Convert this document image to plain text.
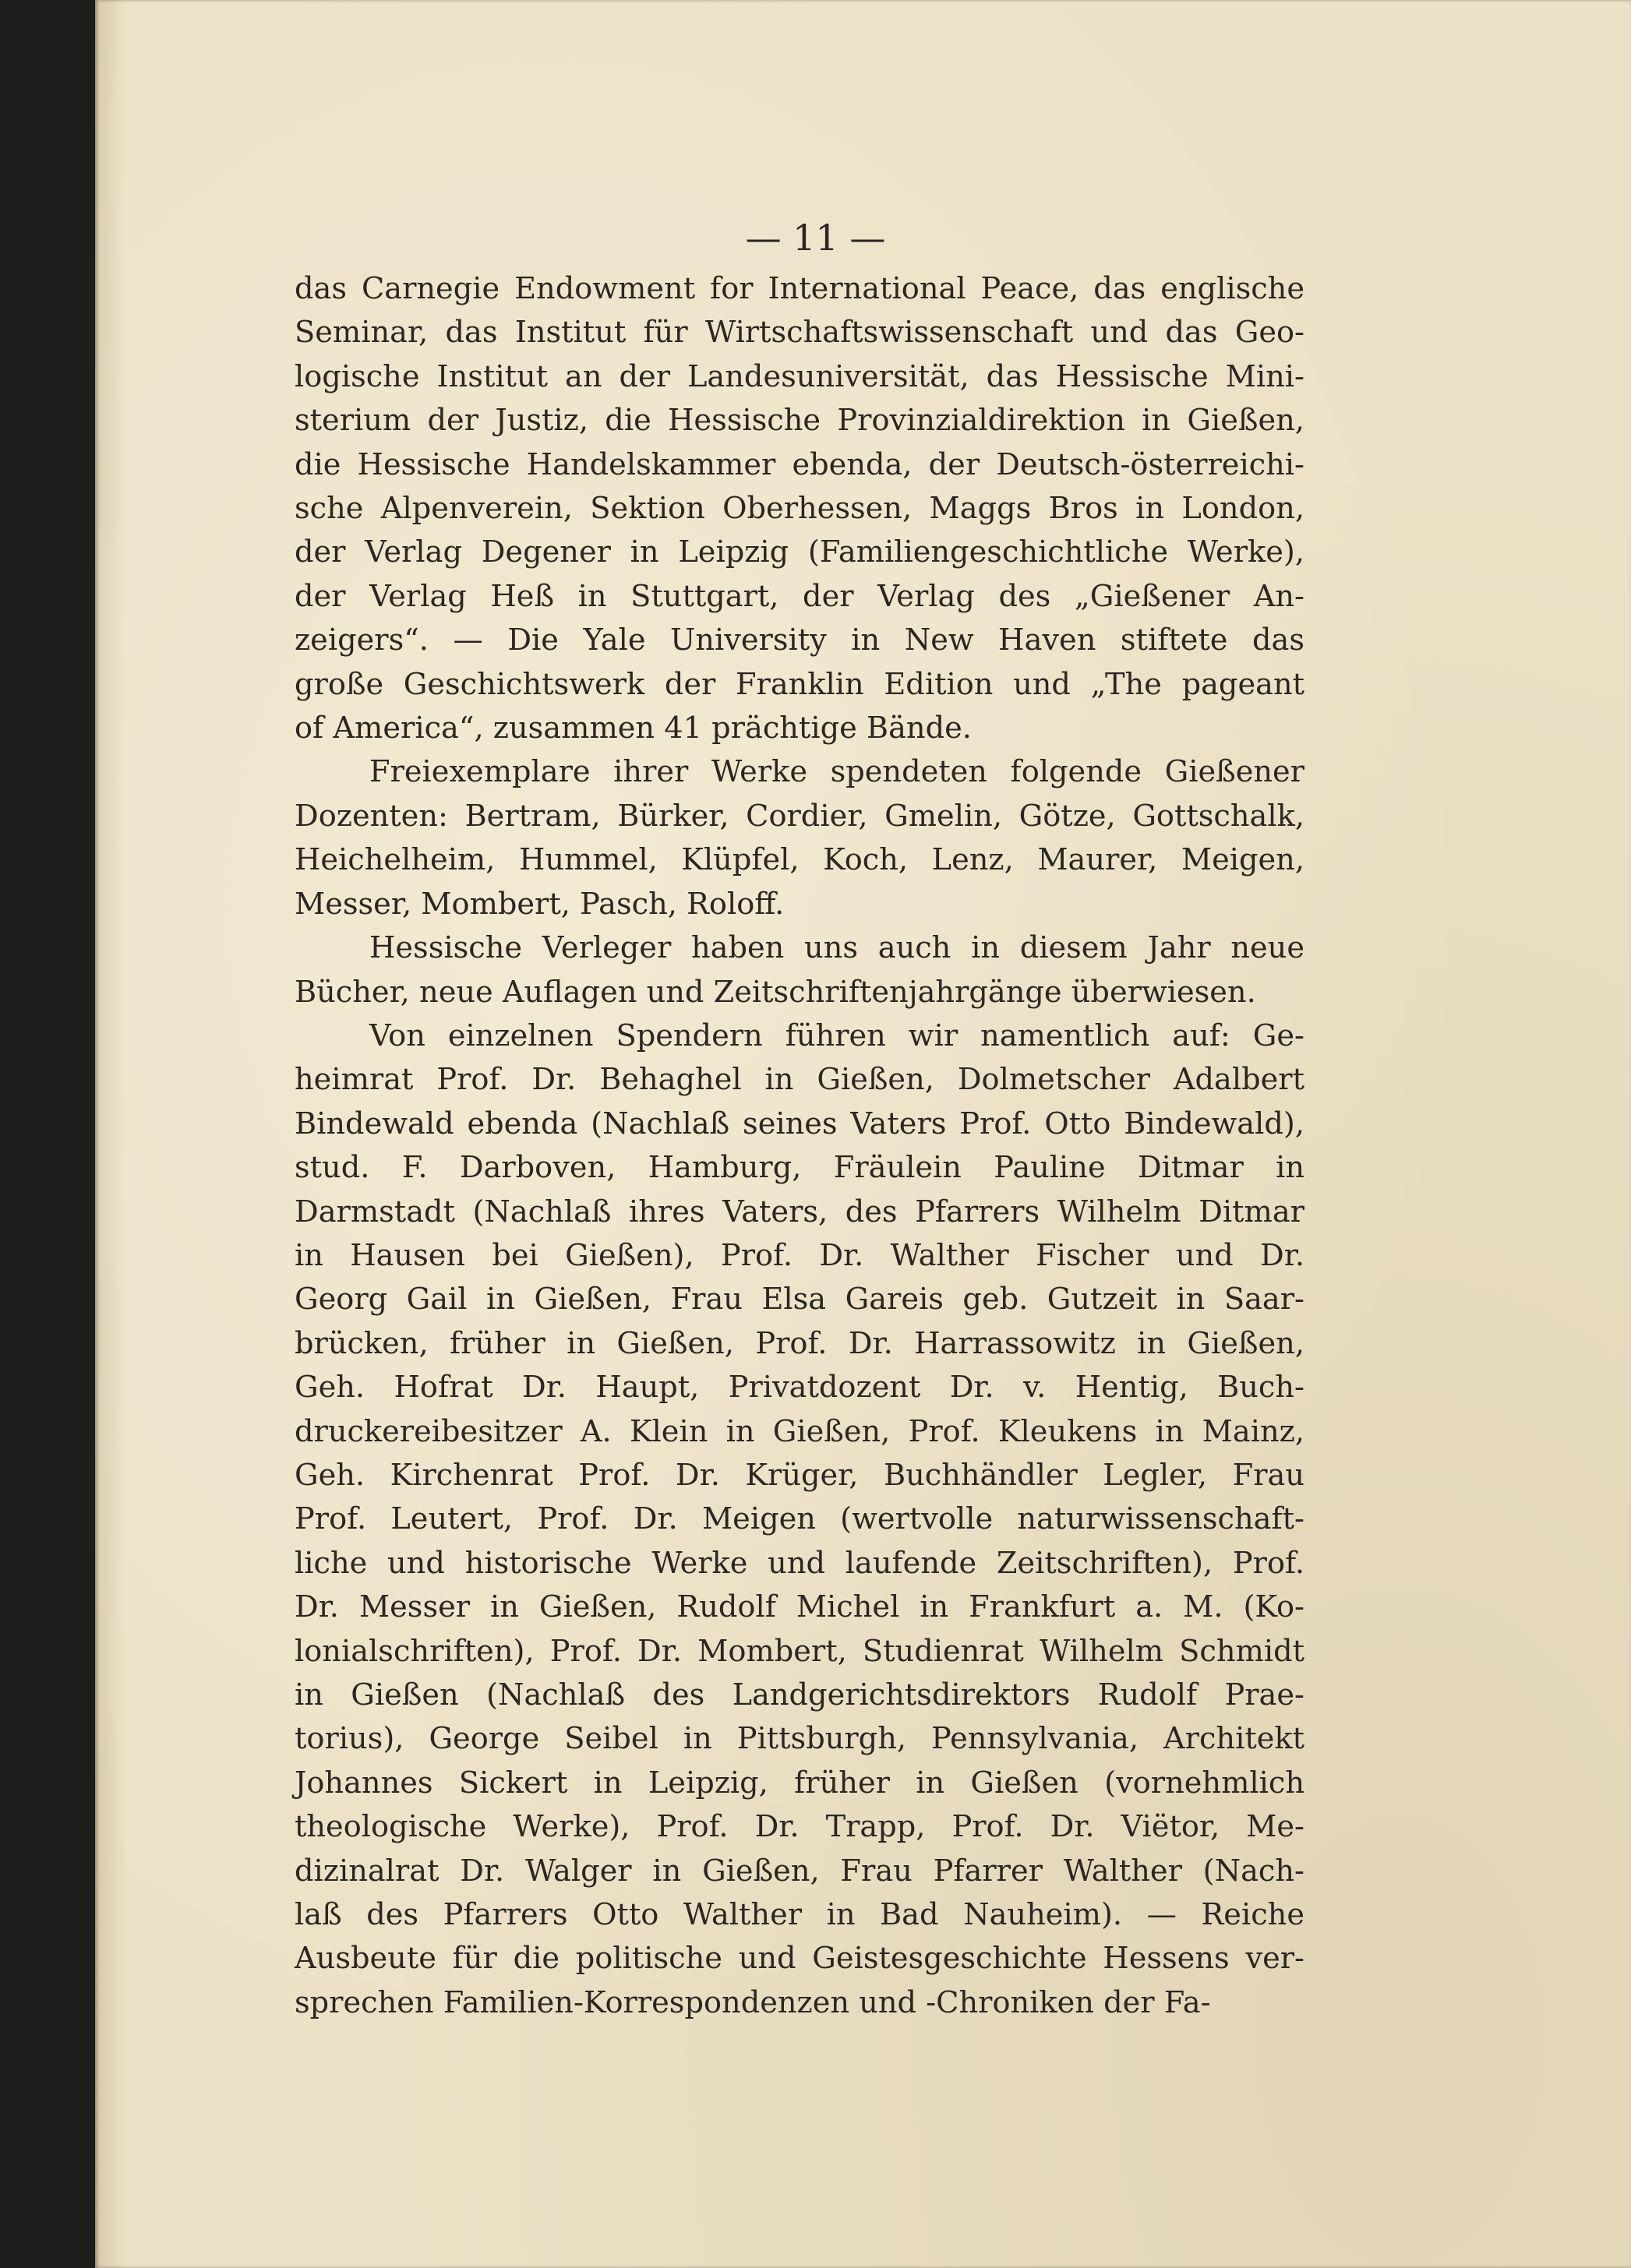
— 11 —
das Carnegie Endowment for International Peace, das englische
Seminar, das Institut für Wirtschaftswissenschaft und das Geo-
logische Institut an der Landesuniversität, das Hessische Mini-
sterium der Justiz, die Hessische Provinzialdirektion in Gießen,
die Hessische Handelskammer ebenda, der Deutsch-österreichi-
sche Alpenverein, Sektion Oberhessen, Maggs Bros in London,
der Verlag Degener in Leipzig (Familiengeschichtliche Werke),
der Verlag Heß in Stuttgart, der Verlag des „Gießener An-
zeigers“. — Die Yale University in New Haven stiftete das
große Geschichtswerk der Franklin Edition und „The pageant
of America“, zusammen 41 prächtige Bände.
Freiexemplare ihrer Werke spendeten folgende Gießener
Dozenten: Bertram, Bürker, Cordier, Gmelin, Götze, Gottschalk,
Heichelheim, Hummel, Klüpfel, Koch, Lenz, Maurer, Meigen,
Messer, Mombert, Pasch, Roloff.
Hessische Verleger haben uns auch in diesem Jahr neue
Bücher, neue Auflagen und Zeitschriftenjahrgänge überwiesen.
Von einzelnen Spendern führen wir namentlich auf: Ge-
heimrat Prof. Dr. Behaghel in Gießen, Dolmetscher Adalbert
Bindewald ebenda (Nachlaß seines Vaters Prof. Otto Bindewald),
stud. F. Darboven, Hamburg, Fräulein Pauline Ditmar in
Darmstadt (Nachlaß ihres Vaters, des Pfarrers Wilhelm Ditmar
in Hausen bei Gießen), Prof. Dr. Walther Fischer und Dr.
Georg Gail in Gießen, Frau Elsa Gareis geb. Gutzeit in Saar-
brücken, früher in Gießen, Prof. Dr. Harrassowitz in Gießen,
Geh. Hofrat Dr. Haupt, Privatdozent Dr. v. Hentig, Buch-
druckereibesitzer A. Klein in Gießen, Prof. Kleukens in Mainz,
Geh. Kirchenrat Prof. Dr. Krüger, Buchhändler Legler, Frau
Prof. Leutert, Prof. Dr. Meigen (wertvolle naturwissenschaft-
liche und historische Werke und laufende Zeitschriften), Prof.
Dr. Messer in Gießen, Rudolf Michel in Frankfurt a. M. (Ko-
lonialschriften), Prof. Dr. Mombert, Studienrat Wilhelm Schmidt
in Gießen (Nachlaß des Landgerichtsdirektors Rudolf Prae-
torius), George Seibel in Pittsburgh, Pennsylvania, Architekt
Johannes Sickert in Leipzig, früher in Gießen (vornehmlich
theologische Werke), Prof. Dr. Trapp, Prof. Dr. Viëtor, Me-
dizinalrat Dr. Walger in Gießen, Frau Pfarrer Walther (Nach-
laß des Pfarrers Otto Walther in Bad Nauheim). — Reiche
Ausbeute für die politische und Geistesgeschichte Hessens ver-
sprechen Familien-Korrespondenzen und -Chroniken der Fa-
